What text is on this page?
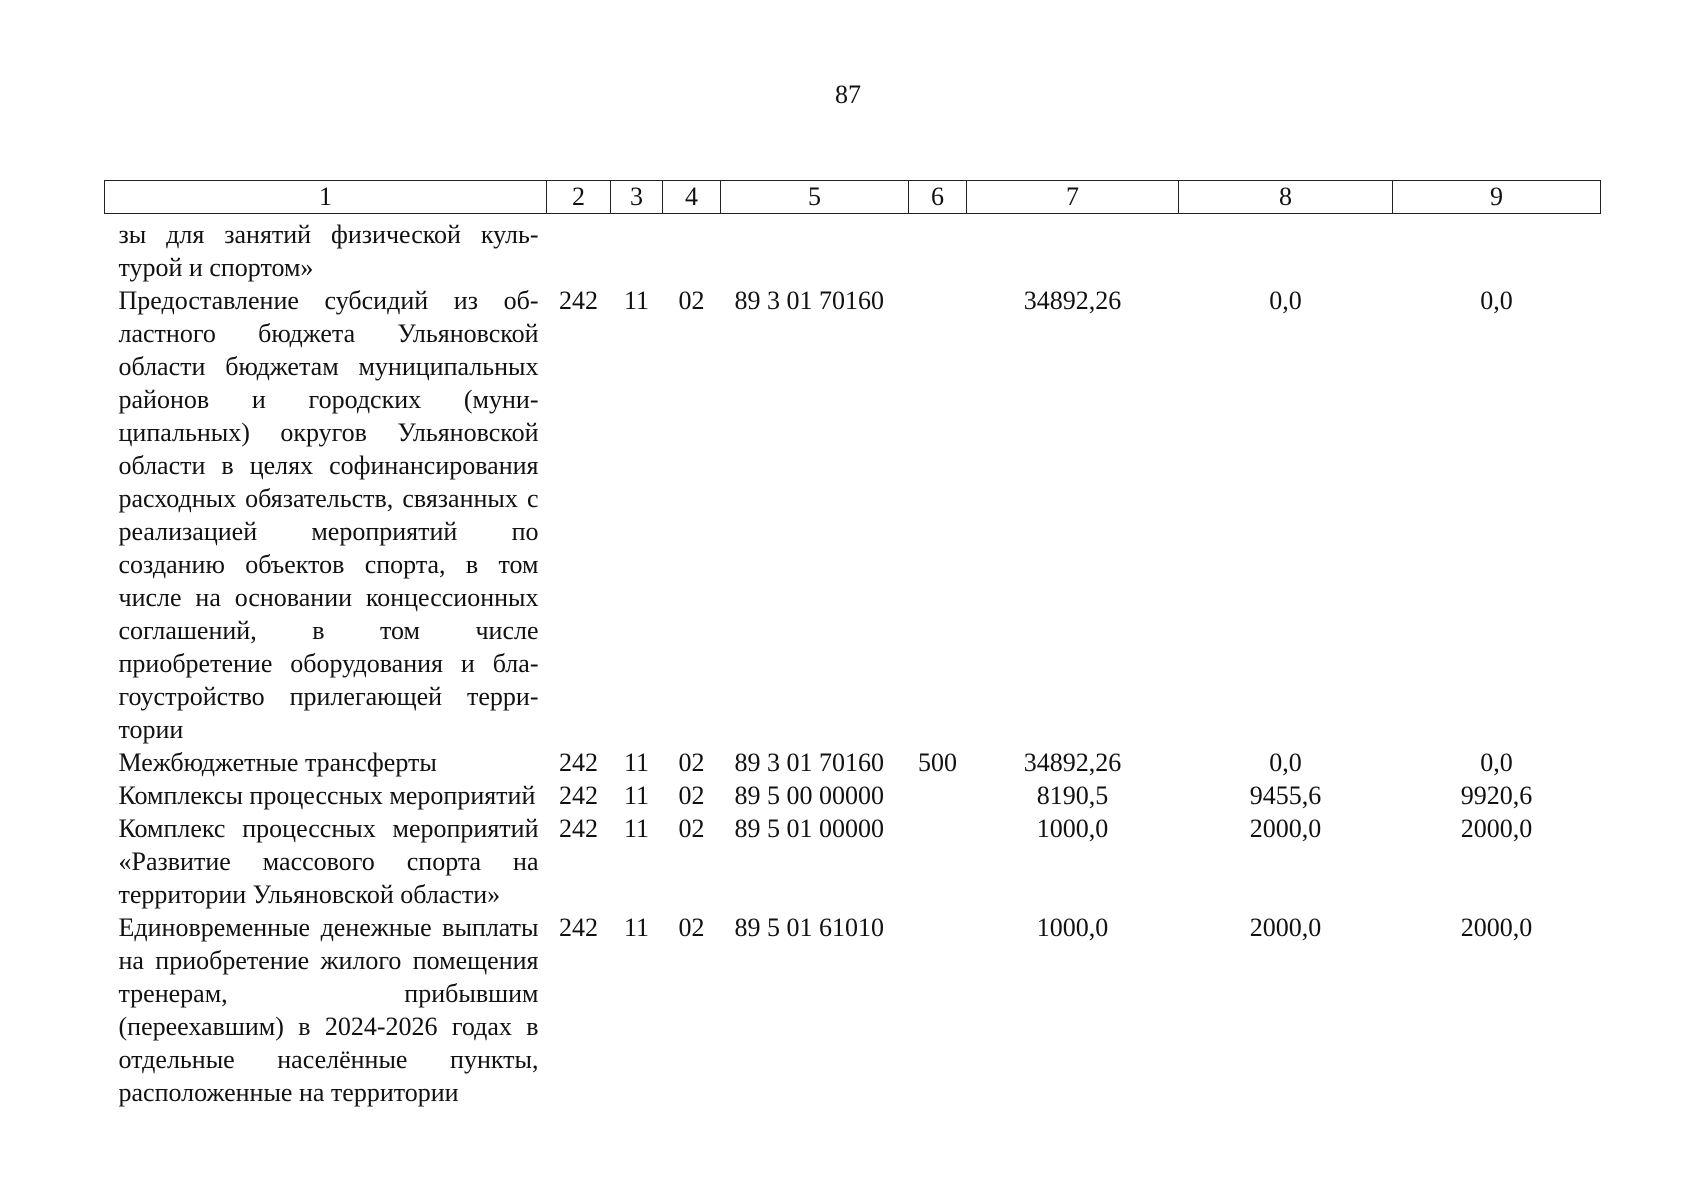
87
1	2	3	4	5	6	7	8	9
зы для занятий физической культурой и спортом»								
Предоставление субсидий из областного бюджета Ульяновской области бюджетам муниципальных районов и городских (муниципальных) округов Ульяновской области в целях софинансирования расходных обязательств, связанных с реализацией мероприятий по созданию объектов спорта, в том числе на основании концессионных соглашений, в том числе приобретение оборудования и благоустройство прилегающей территории	242	11	02	89 3 01 70160		34892,26	0,0	0,0
Межбюджетные трансферты	242	11	02	89 3 01 70160	500	34892,26	0,0	0,0
Комплексы процессных мероприятий	242	11	02	89 5 00 00000		8190,5	9455,6	9920,6
Комплекс процессных мероприятий «Развитие массового спорта на территории Ульяновской области»	242	11	02	89 5 01 00000		1000,0	2000,0	2000,0
Единовременные денежные выплаты на приобретение жилого помещения тренерам, прибывшим (переехавшим) в 2024-2026 годах в отдельные населённые пункты, расположенные на территории	242	11	02	89 5 01 61010		1000,0	2000,0	2000,0
